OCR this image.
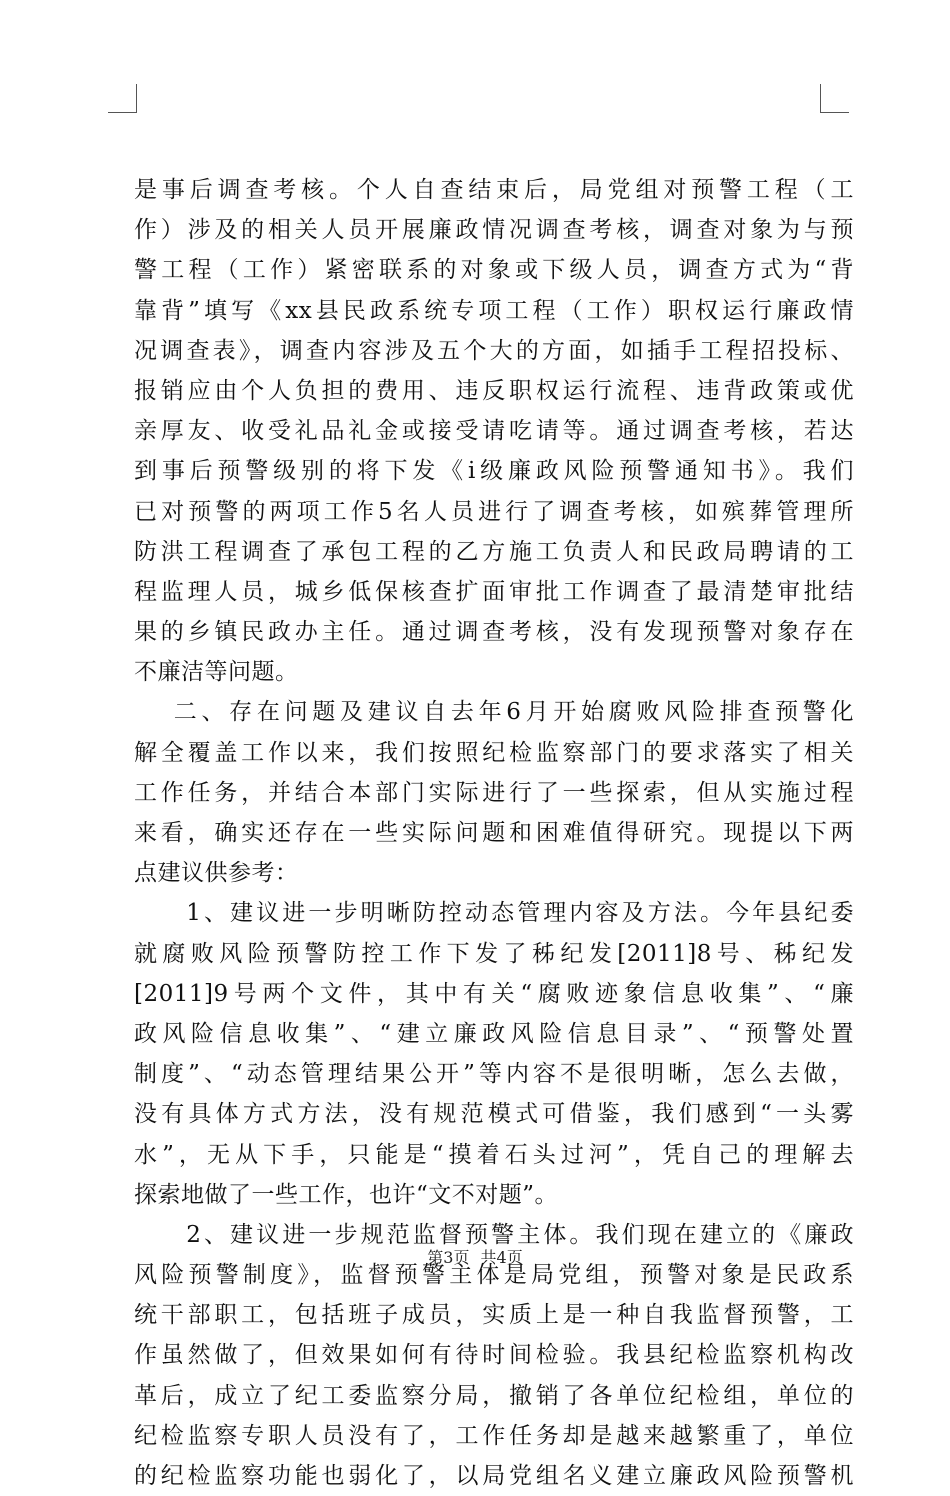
是事后调查考核。个人自查结束后，局党组对预警工程（工
作）涉及的相关人员开展廉政情况调查考核，调查对象为与预
警工程（工作）紧密联系的对象或下级人员，调查方式为“背
靠背”填写《xx县民政系统专项工程（工作）职权运行廉政情
况调查表》，调查内容涉及五个大的方面，如插手工程招投标、
报销应由个人负担的费用、违反职权运行流程、违背政策或优
亲厚友、收受礼品礼金或接受请吃请等。通过调查考核，若达
到事后预警级别的将下发《ⅰ级廉政风险预警通知书》。我们
已对预警的两项工作5名人员进行了调查考核，如殡葬管理所
防洪工程调查了承包工程的乙方施工负责人和民政局聘请的工
程监理人员，城乡低保核查扩面审批工作调查了最清楚审批结
果的乡镇民政办主任。通过调查考核，没有发现预警对象存在
不廉洁等问题。
　 二、存在问题及建议自去年6月开始腐败风险排查预警化
解全覆盖工作以来，我们按照纪检监察部门的要求落实了相关
工作任务，并结合本部门实际进行了一些探索，但从实施过程
来看，确实还存在一些实际问题和困难值得研究。现提以下两
点建议供参考：
　　1、建议进一步明晰防控动态管理内容及方法。今年县纪委
就腐败风险预警防控工作下发了秭纪发[2011]8号、秭纪发
[2011]9号两个文件，其中有关“腐败迹象信息收集”、“廉
政风险信息收集”、“建立廉政风险信息目录”、“预警处置
制度”、“动态管理结果公开”等内容不是很明晰，怎么去做，
没有具体方式方法，没有规范模式可借鉴，我们感到“一头雾
水”，无从下手，只能是“摸着石头过河”，凭自己的理解去
探索地做了一些工作，也许“文不对题”。
　　2、建议进一步规范监督预警主体。我们现在建立的《廉政
风险预警制度》，监督预警主体是局党组，预警对象是民政系
统干部职工，包括班子成员，实质上是一种自我监督预警，工
作虽然做了，但效果如何有待时间检验。我县纪检监察机构改
革后，成立了纪工委监察分局，撤销了各单位纪检组，单位的
纪检监察专职人员没有了，工作任务却是越来越繁重了，单位
的纪检监察功能也弱化了，以局党组名义建立廉政风险预警机
第3页 共4页
